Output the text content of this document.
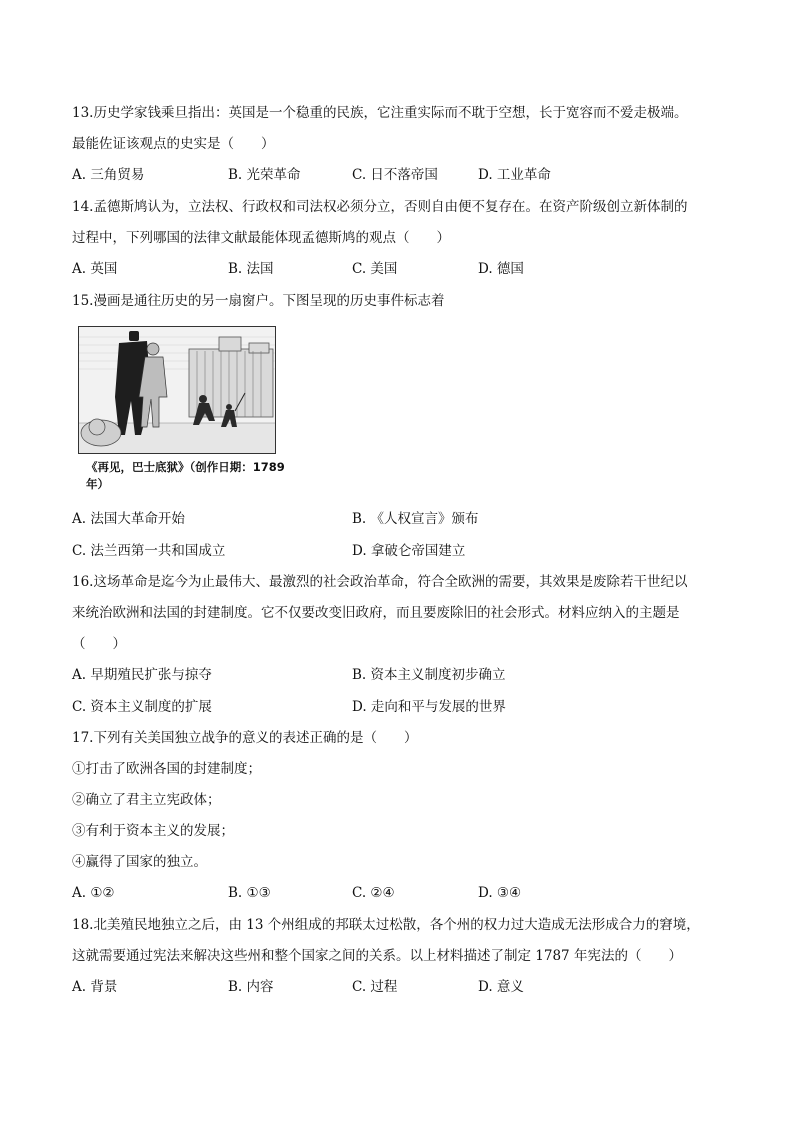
13.历史学家钱乘旦指出：英国是一个稳重的民族，它注重实际而不耽于空想，长于宽容而不爱走极端。
最能佐证该观点的史实是（　　）
A. 三角贸易	B. 光荣革命	C. 日不落帝国	D. 工业革命
14.孟德斯鸠认为，立法权、行政权和司法权必须分立，否则自由便不复存在。在资产阶级创立新体制的
过程中，下列哪国的法律文献最能体现孟德斯鸠的观点（　　）
A. 英国	B. 法国	C. 美国	D. 德国
15.漫画是通往历史的另一扇窗户。下图呈现的历史事件标志着
《再见，巴士底狱》（创作日期：1789 年）
A. 法国大革命开始	B. 《人权宣言》颁布
C. 法兰西第一共和国成立	D. 拿破仑帝国建立
16.这场革命是迄今为止最伟大、最激烈的社会政治革命，符合全欧洲的需要，其效果是废除若干世纪以
来统治欧洲和法国的封建制度。它不仅要改变旧政府，而且要废除旧的社会形式。材料应纳入的主题是
（　　）
A. 早期殖民扩张与掠夺	B. 资本主义制度初步确立
C. 资本主义制度的扩展	D. 走向和平与发展的世界
17.下列有关美国独立战争的意义的表述正确的是（　　）
①打击了欧洲各国的封建制度；
②确立了君主立宪政体；
③有利于资本主义的发展；
④赢得了国家的独立。
A. ①②	B. ①③	C. ②④	D. ③④
18.北美殖民地独立之后，由 13 个州组成的邦联太过松散，各个州的权力过大造成无法形成合力的窘境，
这就需要通过宪法来解决这些州和整个国家之间的关系。以上材料描述了制定 1787 年宪法的（　　）
A. 背景	B. 内容	C. 过程	D. 意义
